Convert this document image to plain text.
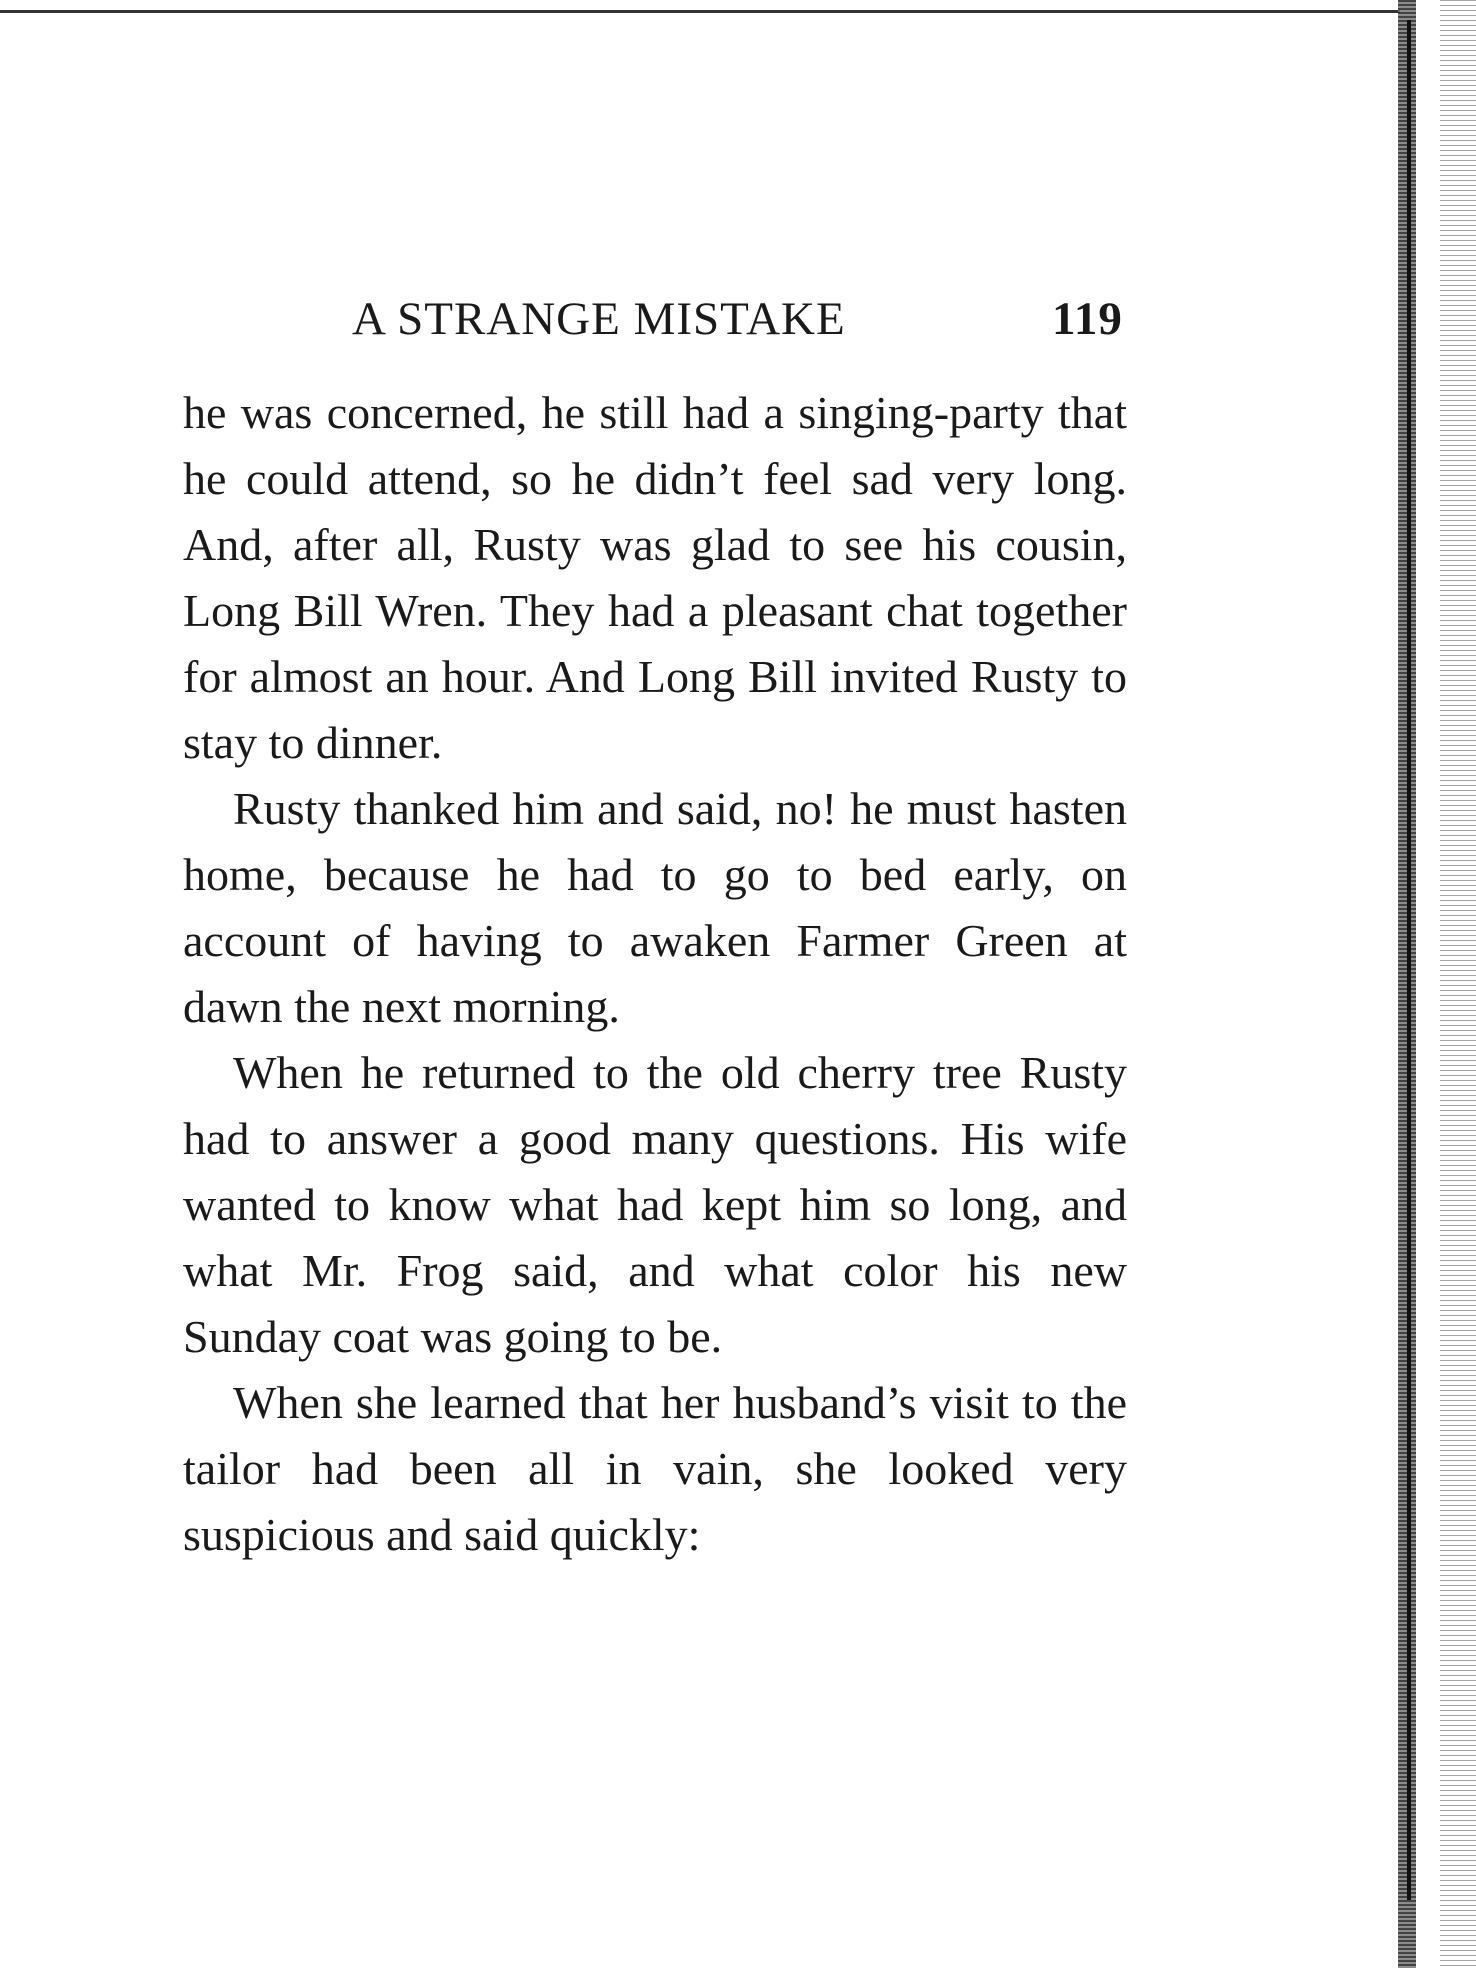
A STRANGE MISTAKE	119

he was concerned, he still had a singing-party that he could attend, so he didn’t feel sad very long. And, after all, Rusty was glad to see his cousin, Long Bill Wren. They had a pleasant chat together for almost an hour. And Long Bill invited Rusty to stay to dinner.

Rusty thanked him and said, no! he must hasten home, because he had to go to bed early, on account of having to awaken Farmer Green at dawn the next morning.

When he returned to the old cherry tree Rusty had to answer a good many questions. His wife wanted to know what had kept him so long, and what Mr. Frog said, and what color his new Sunday coat was going to be.

When she learned that her husband’s visit to the tailor had been all in vain, she looked very suspicious and said quickly:
